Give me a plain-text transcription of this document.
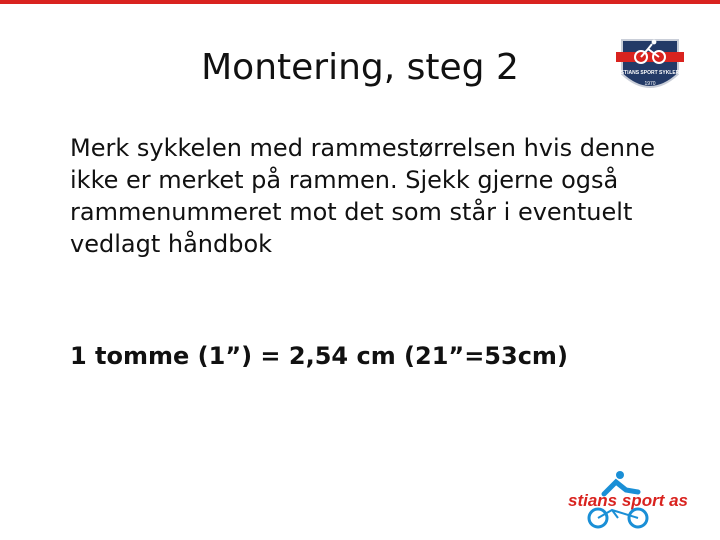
Montering, steg 2	STIANS SPORT SYKLER
1970
Merk sykkelen med rammestørrelsen hvis denne ikke er merket på rammen. Sjekk gjerne også rammenummeret mot det som står i eventuelt vedlagt håndbok
1 tomme (1”) = 2,54 cm (21”=53cm)
stians sport as
